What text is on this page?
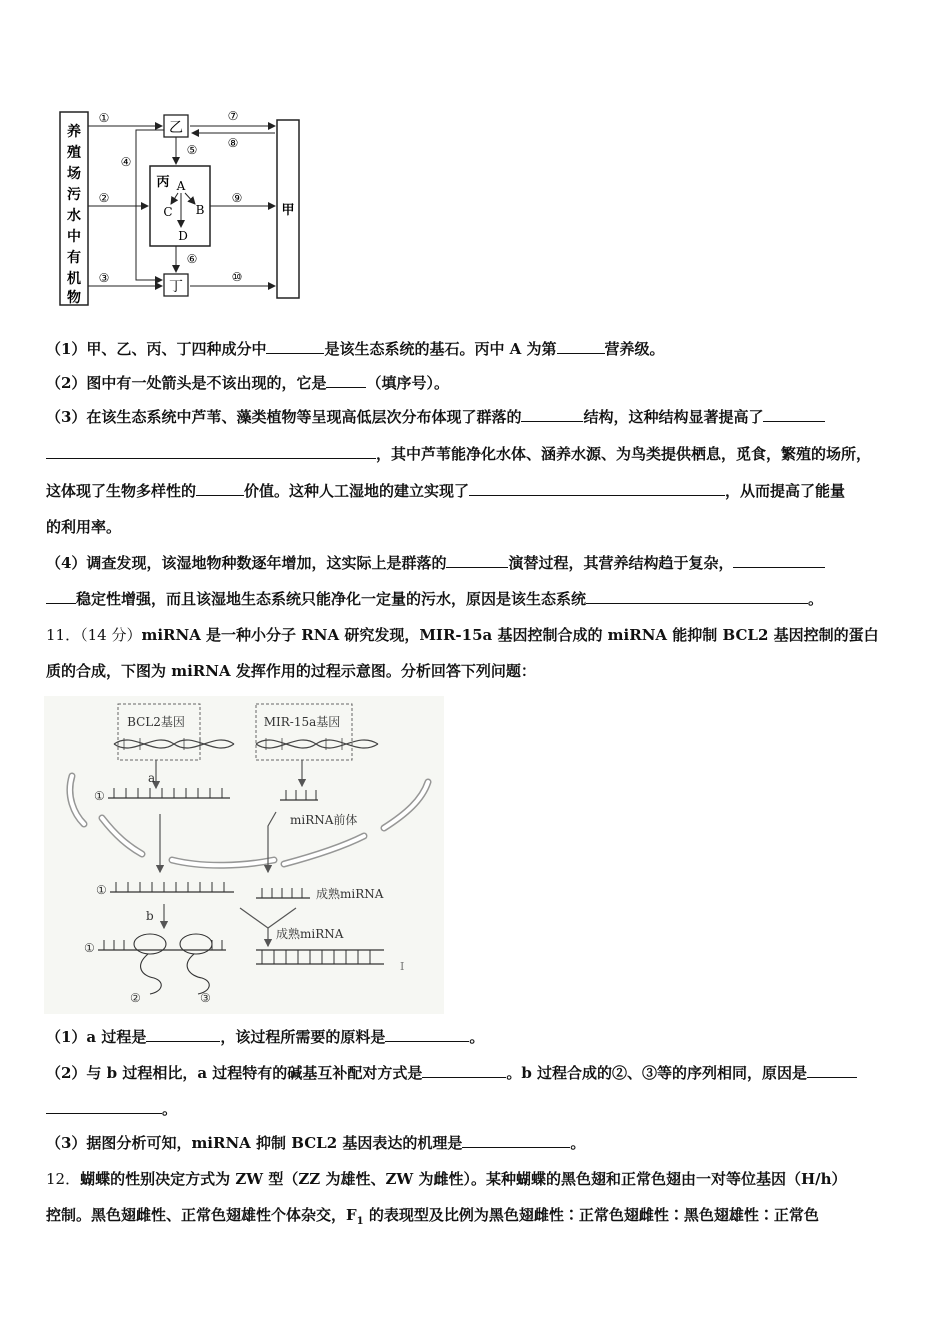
养
殖
场
污
水
中
有
机
物
乙
丁
丙 A
B
C
D
甲
①
②
③
④
⑤
⑥
⑦
⑧
⑨
⑩
（1）甲、乙、丙、丁四种成分中	是该生态系统的基石。丙中 A 为第	营养级。
（2）图中有一处箭头是不该出现的，它是	（填序号）。
（3）在该生态系统中芦苇、藻类植物等呈现高低层次分布体现了群落的	结构，这种结构显著提高了
，其中芦苇能净化水体、涵养水源、为鸟类提供栖息，觅食，繁殖的场所，
这体现了生物多样性的	价值。这种人工湿地的建立实现了	，从而提高了能量
的利用率。
（4）调查发现，该湿地物种数逐年增加，这实际上是群落的	演替过程，其营养结构趋于复杂，
稳定性增强，而且该湿地生态系统只能净化一定量的污水，原因是该生态系统	。
11．（14 分）miRNA 是一种小分子 RNA 研究发现，MIR-15a 基因控制合成的 miRNA 能抑制 BCL2 基因控制的蛋白
质的合成，下图为 miRNA 发挥作用的过程示意图。分析回答下列问题：
BCL2基因	MIR-15a基因
a
①
miRNA前体
①	成熟miRNA
b
成熟miRNA
①
②	③
I
（1）a 过程是	，该过程所需要的原料是	。
（2）与 b 过程相比，a 过程特有的碱基互补配对方式是	。b 过程合成的②、③等的序列相同，原因是
。
（3）据图分析可知，miRNA 抑制 BCL2 基因表达的机理是	。
12．蝴蝶的性别决定方式为 ZW 型（ZZ 为雄性、ZW 为雌性）。某种蝴蝶的黑色翅和正常色翅由一对等位基因（H/h）
控制。黑色翅雌性、正常色翅雄性个体杂交，$F_1$ 的表现型及比例为黑色翅雌性∶正常色翅雌性∶黑色翅雄性∶正常色
